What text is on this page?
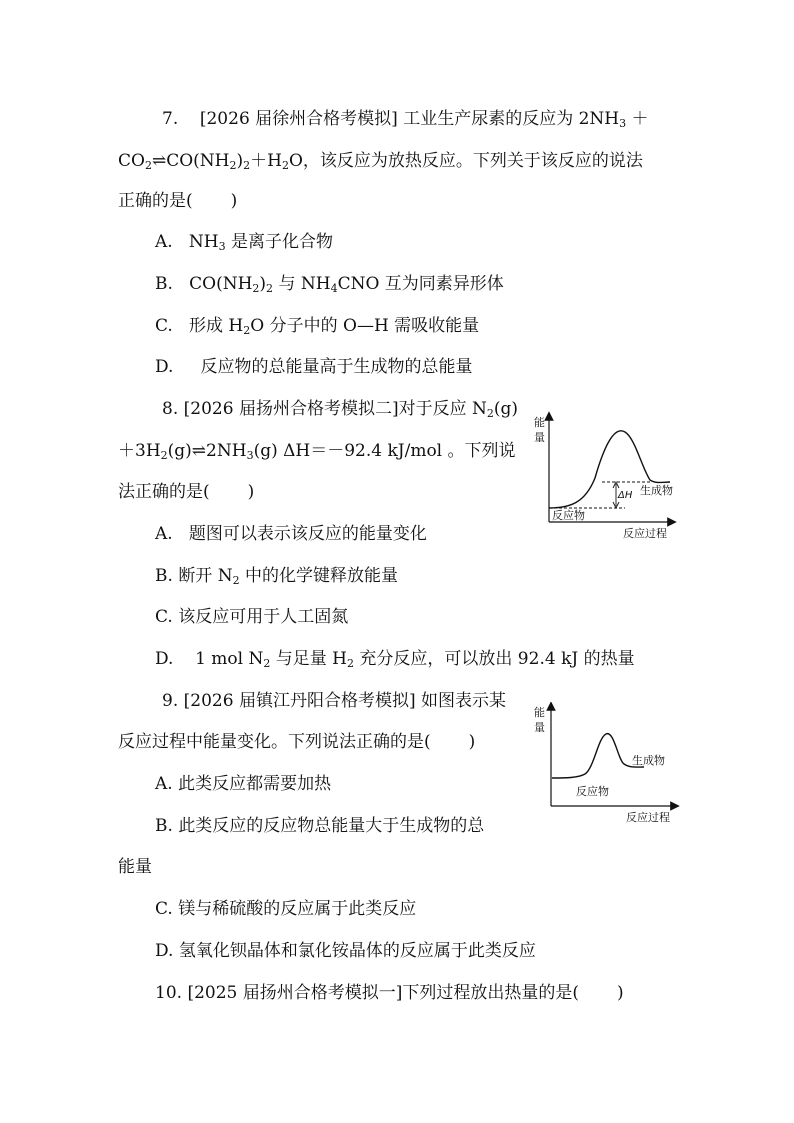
7. [2026 届徐州合格考模拟] 工业生产尿素的反应为 $2NH_3$ ＋
$CO_2\rightleftharpoons CO(NH_2)_2+H_2O$，该反应为放热反应。下列关于该反应的说法
正确的是( )
A. $NH_3$ 是离子化合物
B. $CO(NH_2)_2$ 与 $NH_4CNO$ 互为同素异形体
C. 形成 $H_2O$ 分子中的 O—H 需吸收能量
D. 反应物的总能量高于生成物的总能量
8. [2026 届扬州合格考模拟二]对于反应 $N_2(g)$
$+3H_2(g)\rightleftharpoons 2NH_3(g)$ ΔH＝－92.4 kJ/mol 。下列说
法正确的是( )
A. 题图可以表示该反应的能量变化
B. 断开 $N_2$ 中的化学键释放能量
C. 该反应可用于人工固氮
D. 1 mol $N_2$ 与足量 $H_2$ 充分反应，可以放出 92.4 kJ 的热量
能
量
ΔH 生成物
反应物
反应过程
9. [2026 届镇江丹阳合格考模拟] 如图表示某
反应过程中能量变化。下列说法正确的是( )
A. 此类反应都需要加热
B. 此类反应的反应物总能量大于生成物的总
能量
C. 镁与稀硫酸的反应属于此类反应
D. 氢氧化钡晶体和氯化铵晶体的反应属于此类反应
能
量
生成物
反应物
反应过程
10. [2025 届扬州合格考模拟一]下列过程放出热量的是( )
